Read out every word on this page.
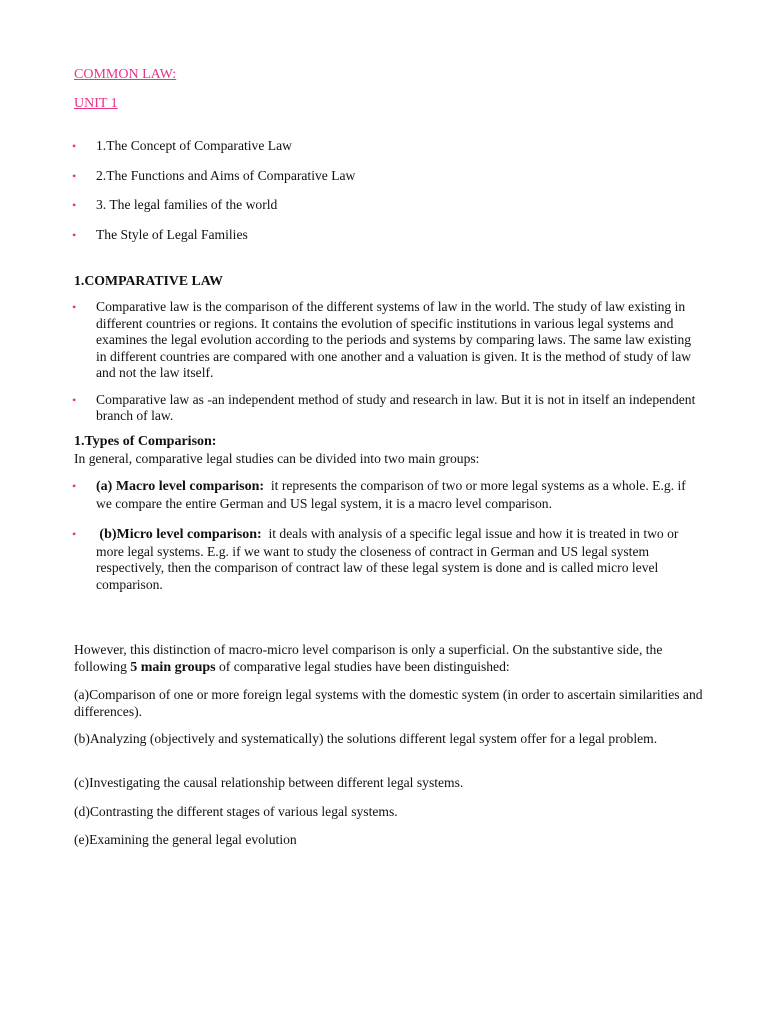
COMMON LAW:

UNIT 1

•	1.The Concept of Comparative Law
•	2.The Functions and Aims of Comparative Law
•	3. The legal families of the world
•	The Style of Legal Families

1.COMPARATIVE LAW

•	Comparative law is the comparison of the different systems of law in the world. The study of law existing in different countries or regions. It contains the evolution of specific institutions in various legal systems and examines the legal evolution according to the periods and systems by comparing laws. The same law existing in different countries are compared with one another and a valuation is given. It is the method of study of law and not the law itself.
•	Comparative law as -an independent method of study and research in law. But it is not in itself an independent branch of law.

1.Types of Comparison:

In general, comparative legal studies can be divided into two main groups:

•	(a) Macro level comparison: it represents the comparison of two or more legal systems as a whole. E.g. if we compare the entire German and US legal system, it is a macro level comparison.
•	(b)Micro level comparison: it deals with analysis of a specific legal issue and how it is treated in two or more legal systems. E.g. if we want to study the closeness of contract in German and US legal system respectively, then the comparison of contract law of these legal system is done and is called micro level comparison.

However, this distinction of macro-micro level comparison is only a superficial. On the substantive side, the following 5 main groups of comparative legal studies have been distinguished:

(a)Comparison of one or more foreign legal systems with the domestic system (in order to ascertain similarities and differences).

(b)Analyzing (objectively and systematically) the solutions different legal system offer for a legal problem.

(c)Investigating the causal relationship between different legal systems.

(d)Contrasting the different stages of various legal systems.

(e)Examining the general legal evolution
